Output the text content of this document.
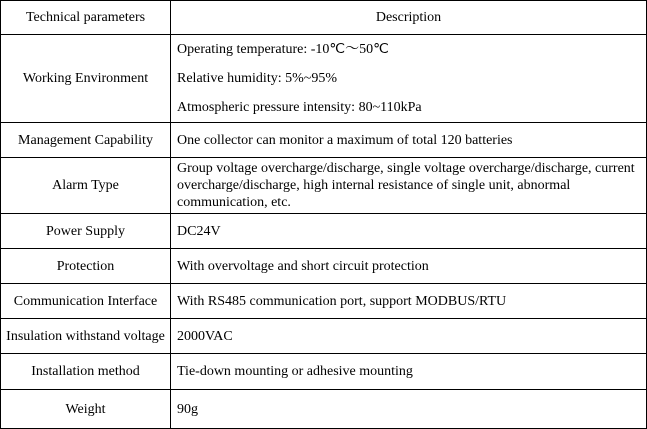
Technical parameters	Description
Working Environment	Operating temperature: -10℃～50℃
Relative humidity: 5%~95%
Atmospheric pressure intensity: 80~110kPa

Management Capability	One collector can monitor a maximum of total 120 batteries
Alarm Type	Group voltage overcharge/discharge, single voltage overcharge/discharge, current overcharge/discharge, high internal resistance of single unit, abnormal communication, etc.
Power Supply	DC24V
Protection	With overvoltage and short circuit protection
Communication Interface	With RS485 communication port, support MODBUS/RTU
Insulation withstand voltage	2000VAC
Installation method	Tie-down mounting or adhesive mounting
Weight	90g
